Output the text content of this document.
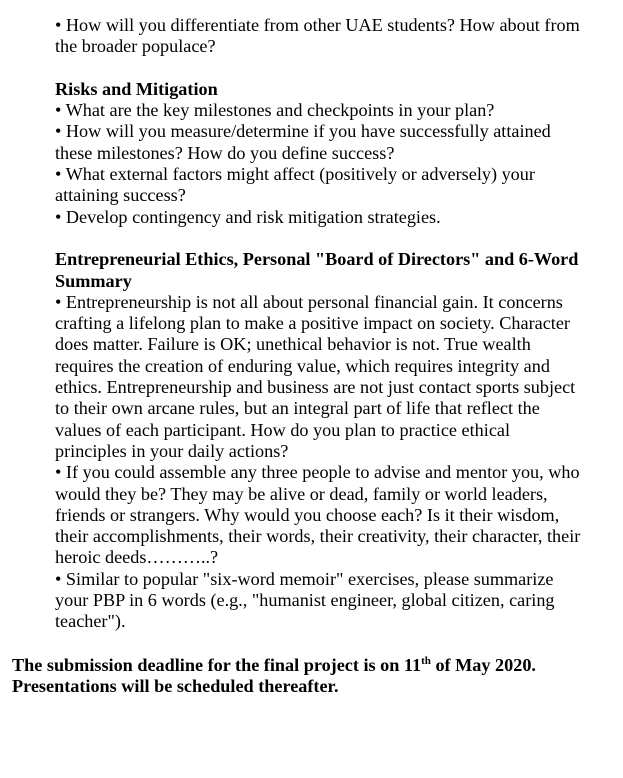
• How will you differentiate from other UAE students? How about from the broader populace?

Risks and Mitigation

• What are the key milestones and checkpoints in your plan?

• How will you measure/determine if you have successfully attained these milestones? How do you define success?

• What external factors might affect (positively or adversely) your attaining success?

• Develop contingency and risk mitigation strategies.

Entrepreneurial Ethics, Personal "Board of Directors" and 6-Word Summary

• Entrepreneurship is not all about personal financial gain. It concerns crafting a lifelong plan to make a positive impact on society. Character does matter. Failure is OK; unethical behavior is not. True wealth requires the creation of enduring value, which requires integrity and ethics. Entrepreneurship and business are not just contact sports subject to their own arcane rules, but an integral part of life that reflect the values of each participant. How do you plan to practice ethical principles in your daily actions?

• If you could assemble any three people to advise and mentor you, who would they be? They may be alive or dead, family or world leaders, friends or strangers. Why would you choose each? Is it their wisdom, their accomplishments, their words, their creativity, their character, their heroic deeds………..?

• Similar to popular "six-word memoir" exercises, please summarize your PBP in 6 words (e.g., "humanist engineer, global citizen, caring teacher").

The submission deadline for the final project is on 11th of May 2020.
Presentations will be scheduled thereafter.
